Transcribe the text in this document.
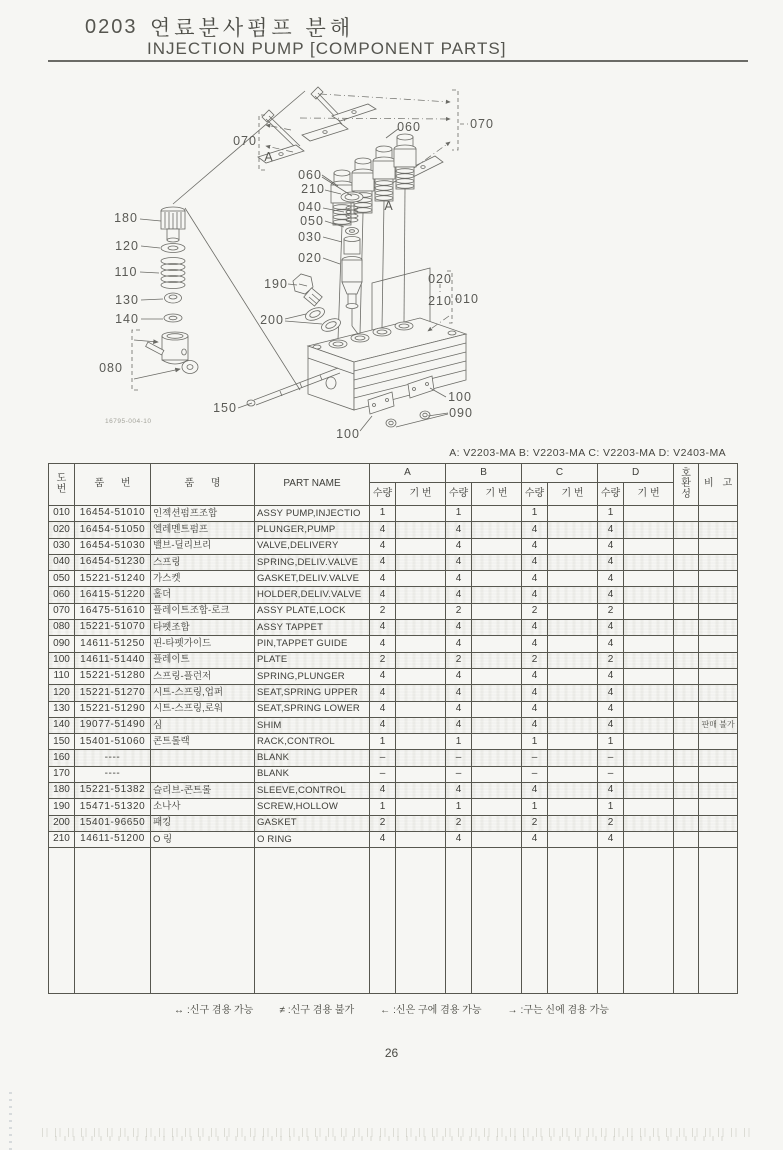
0203 연료분사펌프 분해
INJECTION PUMP [COMPONENT PARTS]
070
A
070
060
060
210
040
050
030
020
A
190
200
020
210 010
180
120
110
130
140
080
150
100
090
100
16795-004-10
A: V2203-MA B: V2203-MA C: V2203-MA D: V2403-MA
도
번	품 번	품 명	PART NAME	A	B	C	D	호
환
성
	비 고
				수량	기 번	수량	기 번	수량	기 번	수량	기 번		
010	16454-51010	인젝션펌프조합	ASSY PUMP,INJECTIO	1		1		1		1			
020	16454-51050	엘레멘트펌프	PLUNGER,PUMP	4		4		4		4			
030	16454-51030	밸브-딜리브리	VALVE,DELIVERY	4		4		4		4			
040	16454-51230	스프링	SPRING,DELIV.VALVE	4		4		4		4			
050	15221-51240	가스켓	GASKET,DELIV.VALVE	4		4		4		4			
060	16415-51220	홀더	HOLDER,DELIV.VALVE	4		4		4		4			
070	16475-51610	플레이트조합-로크	ASSY PLATE,LOCK	2		2		2		2			
080	15221-51070	타펫조합	ASSY TAPPET	4		4		4		4			
090	14611-51250	핀-타펫가이드	PIN,TAPPET GUIDE	4		4		4		4			
100	14611-51440	플레이트	PLATE	2		2		2		2			
110	15221-51280	스프링-플런저	SPRING,PLUNGER	4		4		4		4			
120	15221-51270	시트-스프링,업퍼	SEAT,SPRING UPPER	4		4		4		4			
130	15221-51290	시트-스프링,로워	SEAT,SPRING LOWER	4		4		4		4			
140	19077-51490	심	SHIM	4		4		4		4			판매 불가
150	15401-51060	콘트롤랙	RACK,CONTROL	1		1		1		1			
160	----		BLANK	–		–		–		–			
170	----		BLANK	–		–		–		–			
180	15221-51382	슬리브-콘트롤	SLEEVE,CONTROL	4		4		4		4			
190	15471-51320	소나사	SCREW,HOLLOW	1		1		1		1			
200	15401-96650	패킹	GASKET	2		2		2		2			
210	14611-51200	O 링	O RING	4		4		4		4			

↔ :신구 겸용 가능	≠ :신구 겸용 불가	← :신은 구에 겸용 가능	→ :구는 신에 겸용 가능
26
